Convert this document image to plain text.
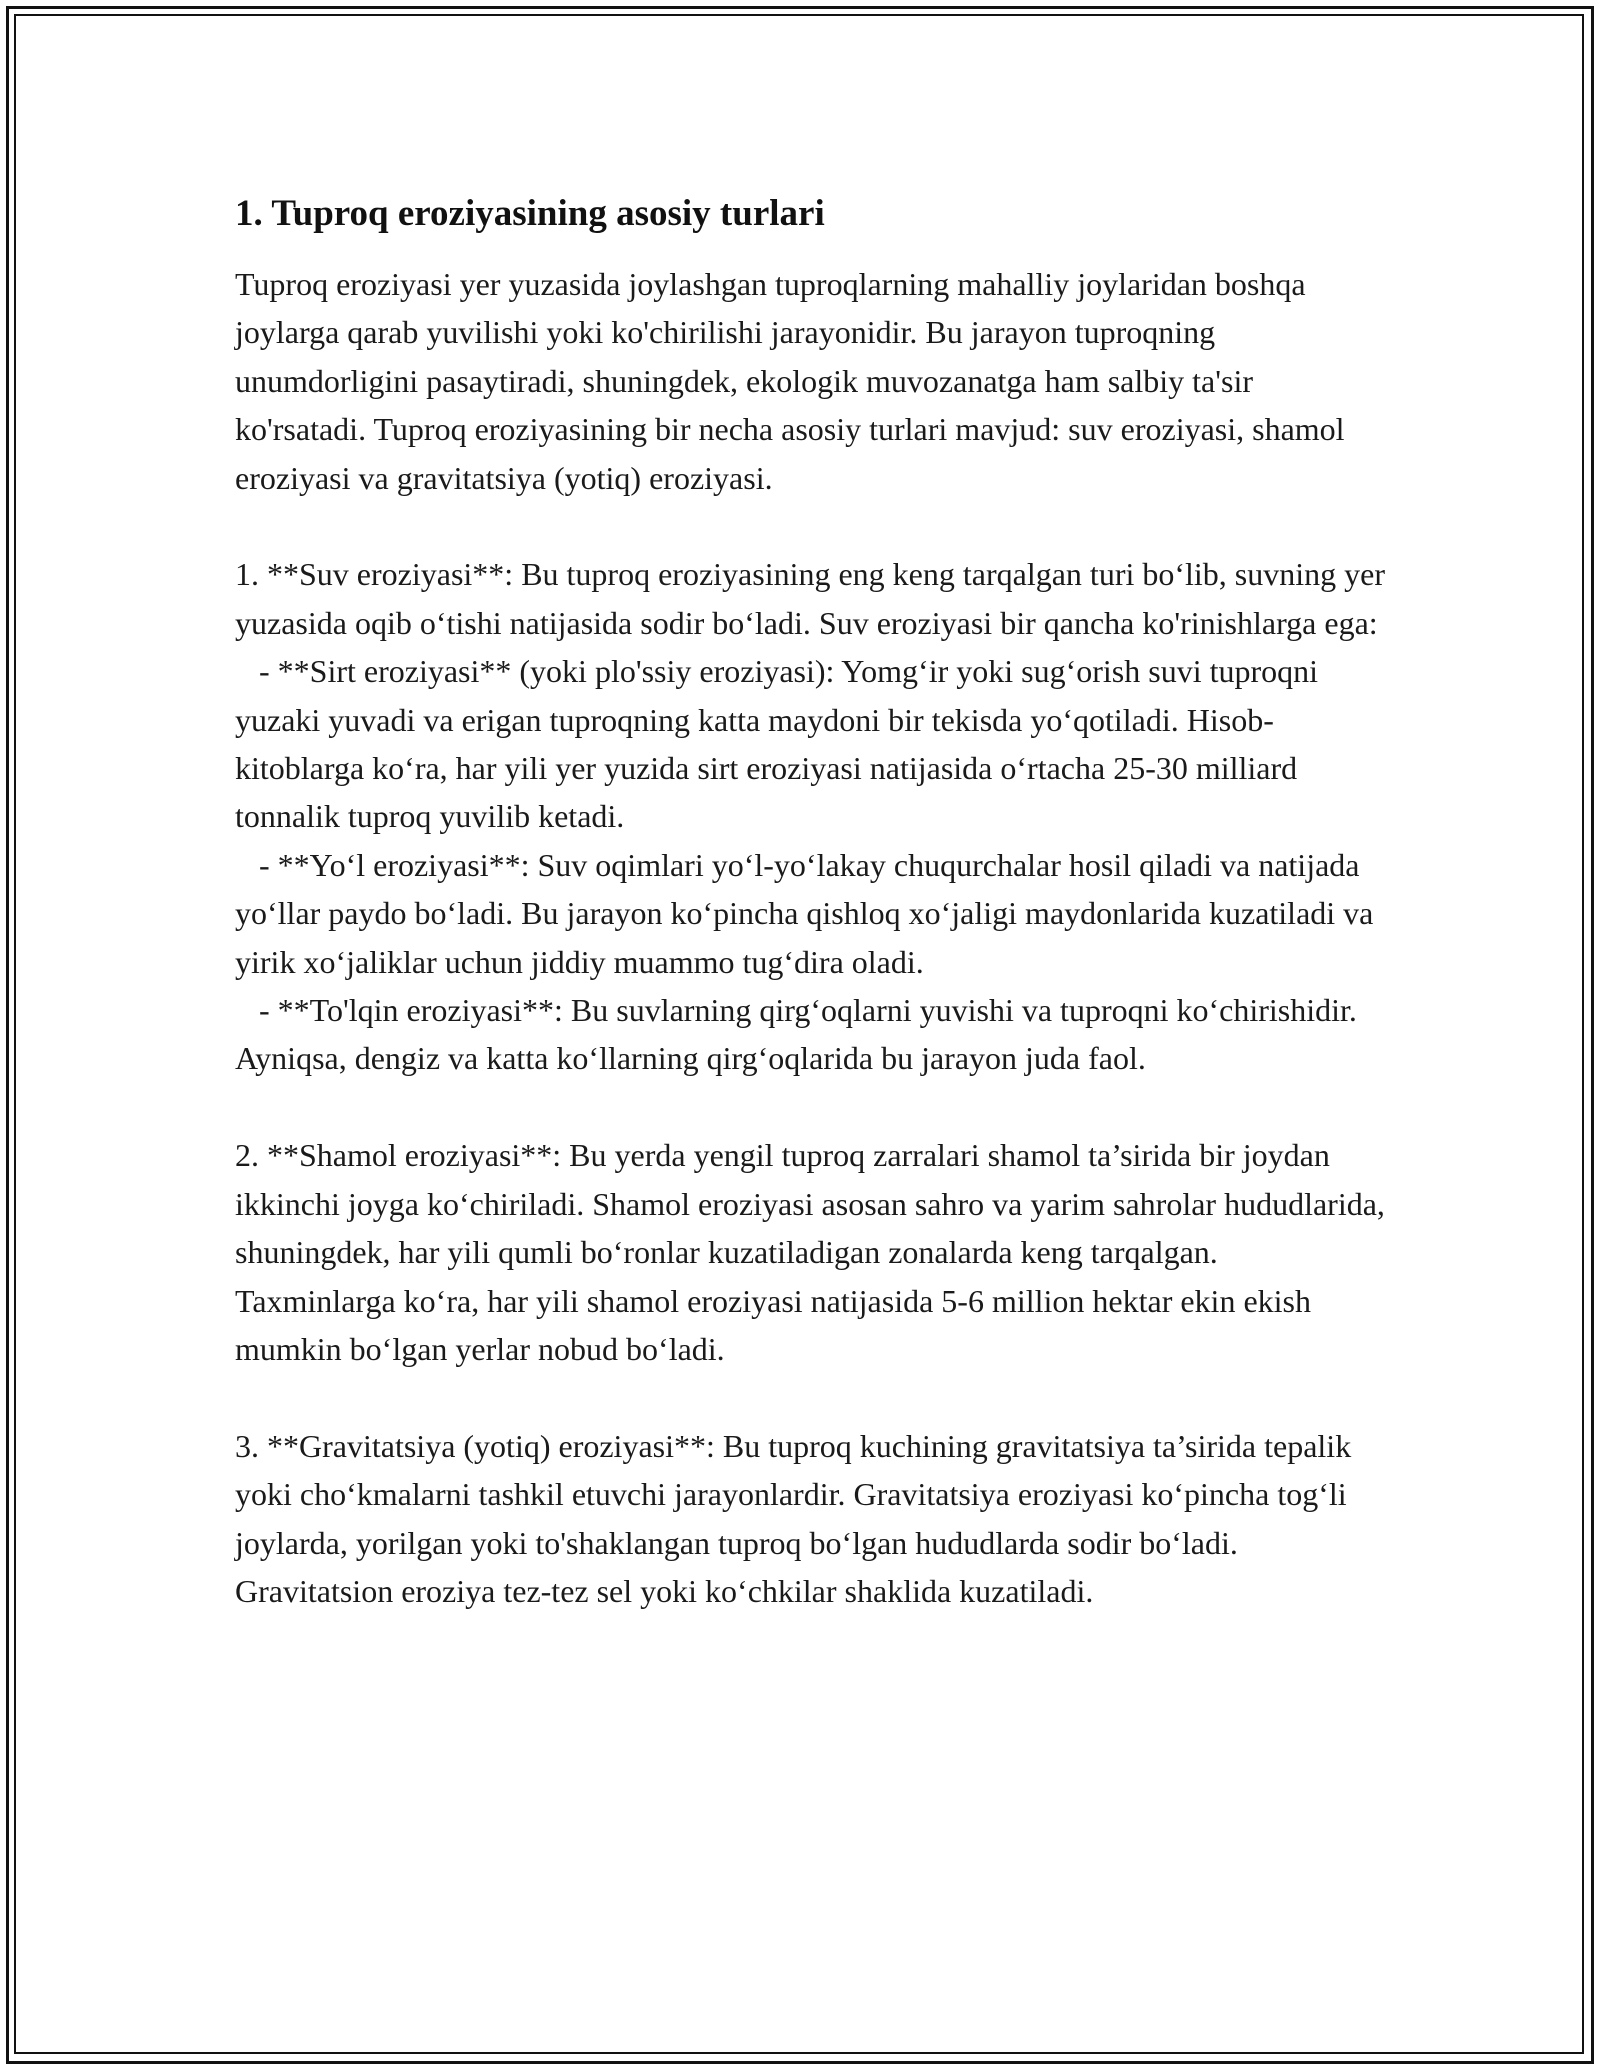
1. Tuproq eroziyasining asosiy turlari

Tuproq eroziyasi yer yuzasida joylashgan tuproqlarning mahalliy joylaridan boshqa joylarga qarab yuvilishi yoki ko'chirilishi jarayonidir. Bu jarayon tuproqning unumdorligini pasaytiradi, shuningdek, ekologik muvozanatga ham salbiy ta'sir ko'rsatadi. Tuproq eroziyasining bir necha asosiy turlari mavjud: suv eroziyasi, shamol eroziyasi va gravitatsiya (yotiq) eroziyasi.

1. **Suv eroziyasi**: Bu tuproq eroziyasining eng keng tarqalgan turi bo‘lib, suvning yer yuzasida oqib o‘tishi natijasida sodir bo‘ladi. Suv eroziyasi bir qancha ko'rinishlarga ega:
- **Sirt eroziyasi** (yoki plo'ssiy eroziyasi): Yomg‘ir yoki sug‘orish suvi tuproqni yuzaki yuvadi va erigan tuproqning katta maydoni bir tekisda yo‘qotiladi. Hisob-kitoblarga ko‘ra, har yili yer yuzida sirt eroziyasi natijasida o‘rtacha 25-30 milliard tonnalik tuproq yuvilib ketadi.
- **Yo‘l eroziyasi**: Suv oqimlari yo‘l-yo‘lakay chuqurchalar hosil qiladi va natijada yo‘llar paydo bo‘ladi. Bu jarayon ko‘pincha qishloq xo‘jaligi maydonlarida kuzatiladi va yirik xo‘jaliklar uchun jiddiy muammo tug‘dira oladi.
- **To'lqin eroziyasi**: Bu suvlarning qirg‘oqlarni yuvishi va tuproqni ko‘chirishidir. Ayniqsa, dengiz va katta ko‘llarning qirg‘oqlarida bu jarayon juda faol.

2. **Shamol eroziyasi**: Bu yerda yengil tuproq zarralari shamol ta’sirida bir joydan ikkinchi joyga ko‘chiriladi. Shamol eroziyasi asosan sahro va yarim sahrolar hududlarida, shuningdek, har yili qumli bo‘ronlar kuzatiladigan zonalarda keng tarqalgan. Taxminlarga ko‘ra, har yili shamol eroziyasi natijasida 5-6 million hektar ekin ekish mumkin bo‘lgan yerlar nobud bo‘ladi.

3. **Gravitatsiya (yotiq) eroziyasi**: Bu tuproq kuchining gravitatsiya ta’sirida tepalik yoki cho‘kmalarni tashkil etuvchi jarayonlardir. Gravitatsiya eroziyasi ko‘pincha tog‘li joylarda, yorilgan yoki to'shaklangan tuproq bo‘lgan hududlarda sodir bo‘ladi. Gravitatsion eroziya tez-tez sel yoki ko‘chkilar shaklida kuzatiladi.
